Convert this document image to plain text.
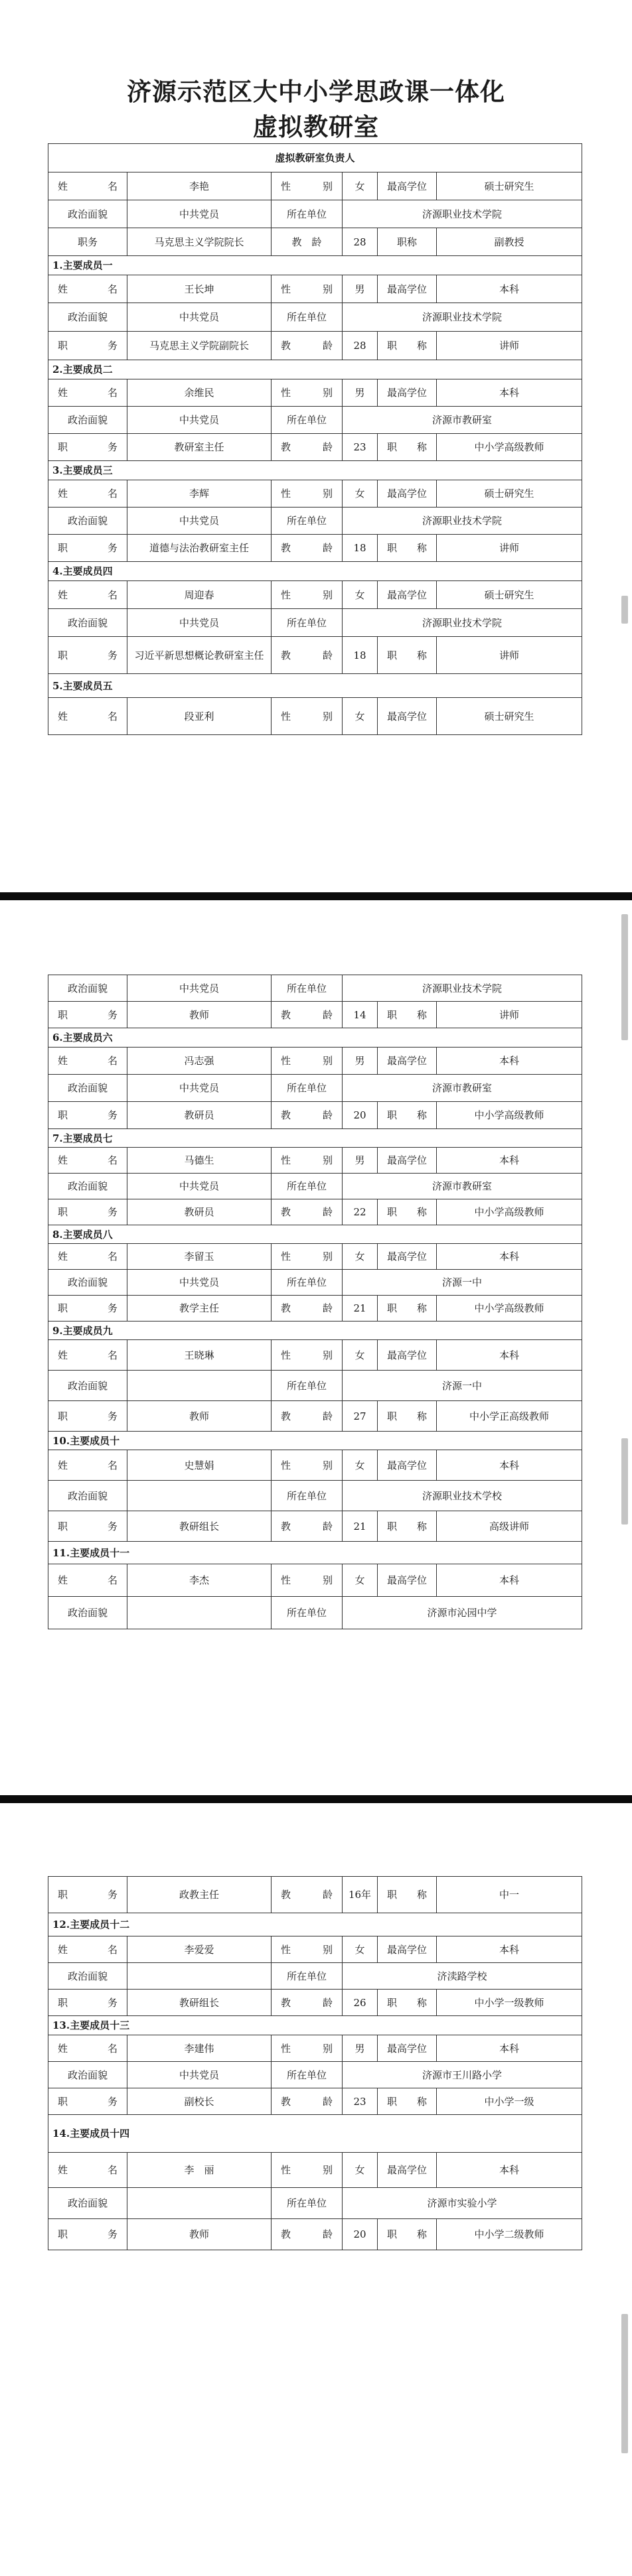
济源示范区大中小学思政课一体化
虚拟教研室
虚拟教研室负责人					
姓　名	李艳	性　别	女	最高学位	硕士研究生
政治面貌	中共党员	所在单位	济源职业技术学院		
职务	马克思主义学院院长	教　龄	28	职称	副教授
1.主要成员一					
姓　名	王长坤	性　别	男	最高学位	本科
政治面貌	中共党员	所在单位	济源职业技术学院		
职　务	马克思主义学院副院长	教　龄	28	职　称	讲师
2.主要成员二					
姓　名	余维民	性　别	男	最高学位	本科
政治面貌	中共党员	所在单位	济源市教研室		
职　务	教研室主任	教　龄	23	职　称	中小学高级教师
3.主要成员三					
姓　名	李辉	性　别	女	最高学位	硕士研究生
政治面貌	中共党员	所在单位	济源职业技术学院		
职　务	道德与法治教研室主任	教　龄	18	职　称	讲师
4.主要成员四					
姓　名	周迎春	性　别	女	最高学位	硕士研究生
政治面貌	中共党员	所在单位	济源职业技术学院		
职　务	习近平新思想概论教研室主任	教　龄	18	职　称	讲师
5.主要成员五					
姓　名	段亚利	性　别	女	最高学位	硕士研究生
政治面貌	中共党员	所在单位	济源职业技术学院		
职　务	教师	教　龄	14	职　称	讲师
6.主要成员六					
姓　名	冯志强	性　别	男	最高学位	本科
政治面貌	中共党员	所在单位	济源市教研室		
职　务	教研员	教　龄	20	职　称	中小学高级教师
7.主要成员七					
姓　名	马德生	性　别	男	最高学位	本科
政治面貌	中共党员	所在单位	济源市教研室		
职　务	教研员	教　龄	22	职　称	中小学高级教师
8.主要成员八					
姓　名	李留玉	性　别	女	最高学位	本科
政治面貌	中共党员	所在单位	济源一中		
职　务	教学主任	教　龄	21	职　称	中小学高级教师
9.主要成员九					
姓　名	王晓琳	性　别	女	最高学位	本科
政治面貌		所在单位	济源一中		
职　务	教师	教　龄	27	职　称	中小学正高级教师
10.主要成员十					
姓　名	史慧娟	性　别	女	最高学位	本科
政治面貌		所在单位	济源职业技术学校		
职　务	教研组长	教　龄	21	职　称	高级讲师
11.主要成员十一					
姓　名	李杰	性　别	女	最高学位	本科
政治面貌		所在单位	济源市沁园中学		
职　务	政教主任	教　龄	16年	职　称	中一
12.主要成员十二					
姓　名	李爱爱	性　别	女	最高学位	本科
政治面貌		所在单位	济渎路学校		
职　务	教研组长	教　龄	26	职　称	中小学一级教师
13.主要成员十三					
姓　名	李建伟	性　别	男	最高学位	本科
政治面貌	中共党员	所在单位	济源市王川路小学		
职　务	副校长	教　龄	23	职　称	中小学一级
14.主要成员十四					
姓　名	李　丽	性　别	女	最高学位	本科
政治面貌		所在单位	济源市实验小学		
职　务	教师	教　龄	20	职　称	中小学二级教师
